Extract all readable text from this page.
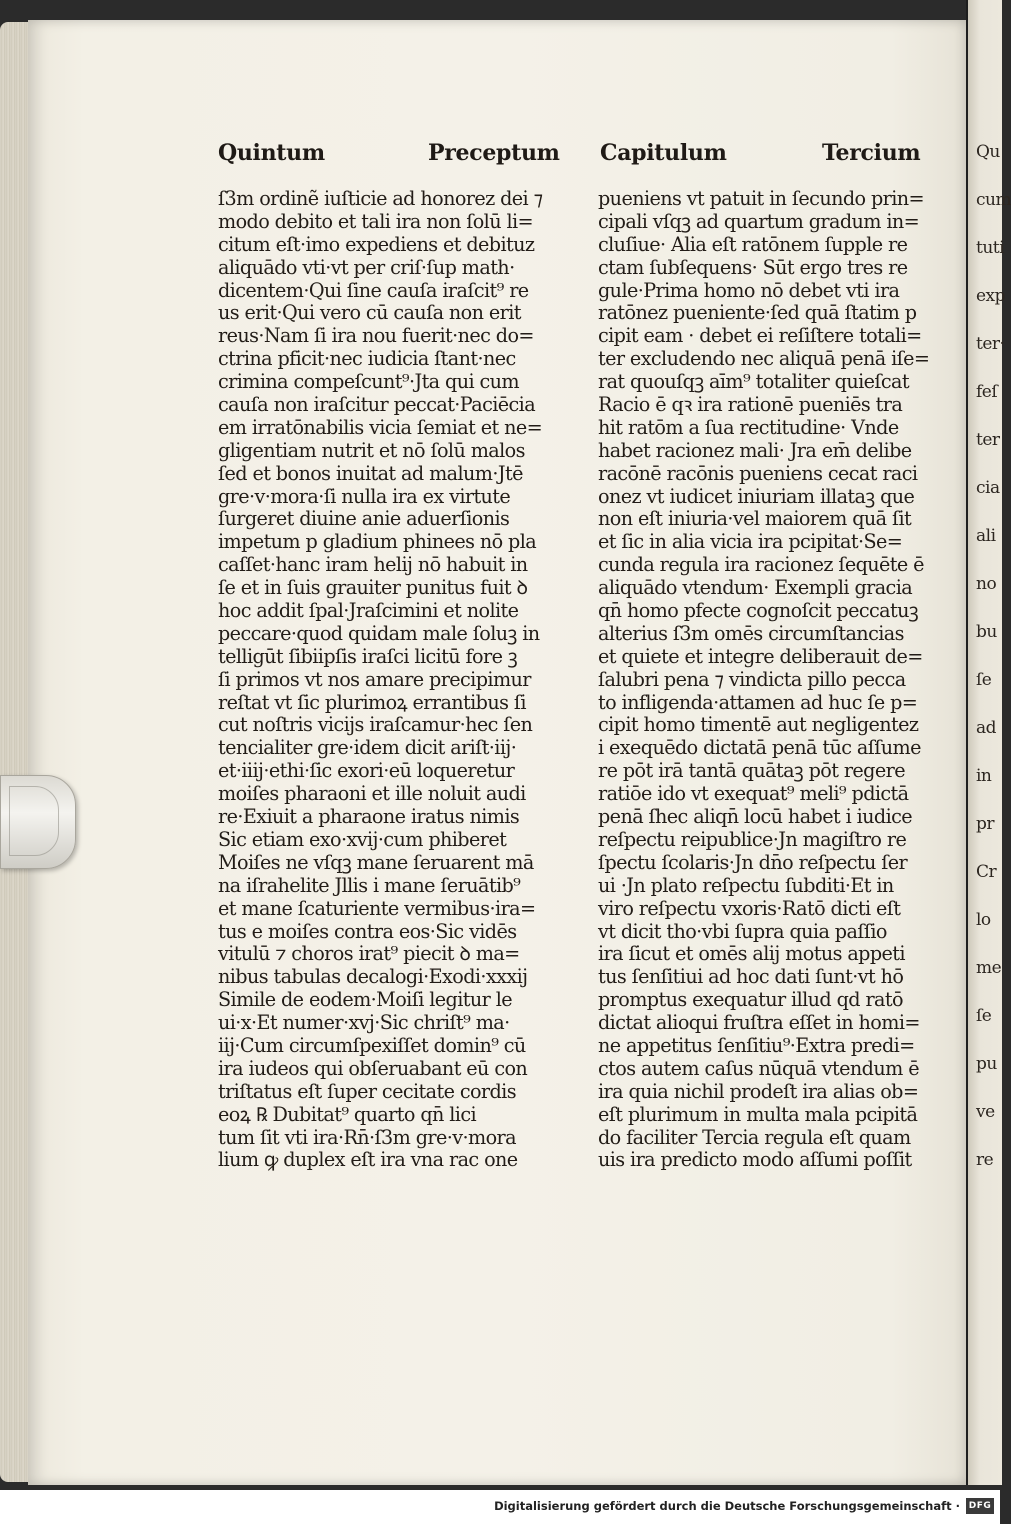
Qu
cum
tuti
exp
ter·
feſ
ter
cia
ali
no
bu
ſe
ad
in
pr
Cr
lo
me
ſe
pu
ve
re
Quintum	Preceptum Capitulum	Tercium
ſ3m ordinẽ iuſticie ad honorez dei ⁊
modo debito et tali ira non ſolū li=
citum eſt·imo expediens et debituz
aliquādo vti·vt per criſ·ſup math·
dicentem·Qui ſine cauſa iraſcit⁹ re
us erit·Qui vero cū cauſa non erit
reus·Nam ſi ira nou fuerit·nec do=
ctrina pficit·nec iudicia ſtant·nec
crimina compeſcunt⁹·Jta qui cum
cauſa non iraſcitur peccat·Paciēcia
em irratōnabilis vicia ſemiat et ne=
gligentiam nutrit et nō ſolū malos
ſed et bonos inuitat ad malum·Jtē
gre·v·mora·ſi nulla ira ex virtute
ſurgeret diuine anie aduerſionis
impetum p gladium phinees nō pla
caſſet·hanc iram helij nō habuit in
ſe et in ſuis grauiter punitus fuit ꝺ
hoc addit ſpal·Jraſcimini et nolite
peccare·quod quidam male ſoluꝫ in
telligūt ſibiipſis iraſci licitū fore ꝫ
ſi primos vt nos amare precipimur
reſtat vt ſic plurimoꝝ errantibus ſi
cut noſtris vicijs iraſcamur·hec ſen
tencialiter gre·idem dicit ariſt·iij·
et·iiij·ethi·ſic exori·eū loqueretur
moiſes pharaoni et ille noluit audi
re·Exiuit a pharaone iratus nimis
Sic etiam exo·xvij·cum phiberet
Moiſes ne vſqꝫ mane ſeruarent mā
na iſrahelite Jllis i mane ſeruātib⁹
et mane ſcaturiente vermibus·ira=
tus e moiſes contra eos·Sic vidēs
vitulū ⁊ choros irat⁹ piecit ꝺ ma=
nibus tabulas decalogi·Exodi·xxxij
Simile de eodem·Moiſi legitur le
ui·x·Et numer·xvj·Sic chriſt⁹ ma·
iij·Cum circumſpexiſſet domin⁹ cū
ira iudeos qui obſeruabant eū con
triſtatus eſt ſuper cecitate cordis
eoꝝ ℞ Dubitat⁹ quarto qn̄ lici
tum ſit vti ira·Rn̄·ſ3m gre·v·mora
lium ꝙ duplex eſt ira vna rac one
pueniens vt patuit in ſecundo prin=
cipali vſqꝫ ad quartum gradum in=
cluſiue· Alia eſt ratōnem ſupple re
ctam ſubſequens· Sūt ergo tres re
gule·Prima homo nō debet vti ira
ratōnez pueniente·ſed quā ſtatim p
cipit eam · debet ei reſiſtere totali=
ter excludendo nec aliquā penā iſe=
rat quouſqꝫ aīm⁹ totaliter quieſcat
Racio ē qꝛ ira rationē pueniēs tra
hit ratōm a ſua rectitudine· Vnde
habet racionez mali· Jra em̄ delibe
racōnē racōnis pueniens cecat raci
onez vt iudicet iniuriam illataꝫ que
non eſt iniuria·vel maiorem quā ſit
et ſic in alia vicia ira pcipitat·Se=
cunda regula ira racionez ſequēte ē
aliquādo vtendum· Exempli gracia
qn̄ homo pfecte cognoſcit peccatuꝫ
alterius ſ3m omēs circumſtancias
et quiete et integre deliberauit de=
ſalubri pena ⁊ vindicta pillo pecca
to infligenda·attamen ad huc ſe p=
cipit homo timentē aut negligentez
i exequēdo dictatā penā tūc aſſume
re pōt irā tantā quātaꝫ pōt regere
ratiōe ido vt exequat⁹ meli⁹ pdictā
penā ſhec aliqn̄ locū habet i iudice
reſpectu reipublice·Jn magiſtro re
ſpectu ſcolaris·Jn dn̄o reſpectu ſer
ui ·Jn plato reſpectu ſubditi·Et in
viro reſpectu vxoris·Ratō dicti eſt
vt dicit tho·vbi ſupra quia paſſio
ira ſicut et omēs alij motus appeti
tus ſenſitiui ad hoc dati ſunt·vt hō
promptus exequatur illud qd ratō
dictat alioqui fruſtra eſſet in homi=
ne appetitus ſenſitiu⁹·Extra predi=
ctos autem caſus nūquā vtendum ē
ira quia nichil prodeſt ira alias ob=
eſt plurimum in multa mala pcipitā
do faciliter Tercia regula eſt quam
uis ira predicto modo aſſumi poſſit
Digitalisierung gefördert durch die Deutsche Forschungsgemeinschaft · DFG
